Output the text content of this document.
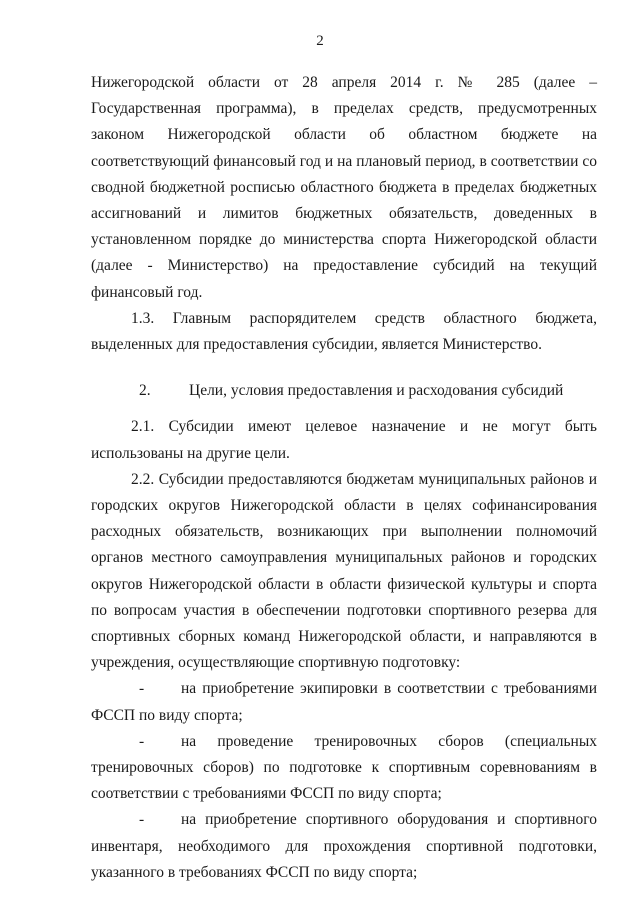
2

Нижегородской области от 28 апреля 2014 г. № 285 (далее – Государственная программа), в пределах средств, предусмотренных законом Нижегородской области об областном бюджете на соответствующий финансовый год и на плановый период, в соответствии со сводной бюджетной росписью областного бюджета в пределах бюджетных ассигнований и лимитов бюджетных обязательств, доведенных в установленном порядке до министерства спорта Нижегородской области (далее - Министерство) на предоставление субсидий на текущий финансовый год.

1.3. Главным распорядителем средств областного бюджета, выделенных для предоставления субсидии, является Министерство.

2. Цели, условия предоставления и расходования субсидий

2.1. Субсидии имеют целевое назначение и не могут быть использованы на другие цели.

2.2. Субсидии предоставляются бюджетам муниципальных районов и городских округов Нижегородской области в целях софинансирования расходных обязательств, возникающих при выполнении полномочий органов местного самоуправления муниципальных районов и городских округов Нижегородской области в области физической культуры и спорта по вопросам участия в обеспечении подготовки спортивного резерва для спортивных сборных команд Нижегородской области, и направляются в учреждения, осуществляющие спортивную подготовку:

- на приобретение экипировки в соответствии с требованиями ФССП по виду спорта;

- на проведение тренировочных сборов (специальных тренировочных сборов) по подготовке к спортивным соревнованиям в соответствии с требованиями ФССП по виду спорта;

- на приобретение спортивного оборудования и спортивного инвентаря, необходимого для прохождения спортивной подготовки, указанного в требованиях ФССП по виду спорта;
